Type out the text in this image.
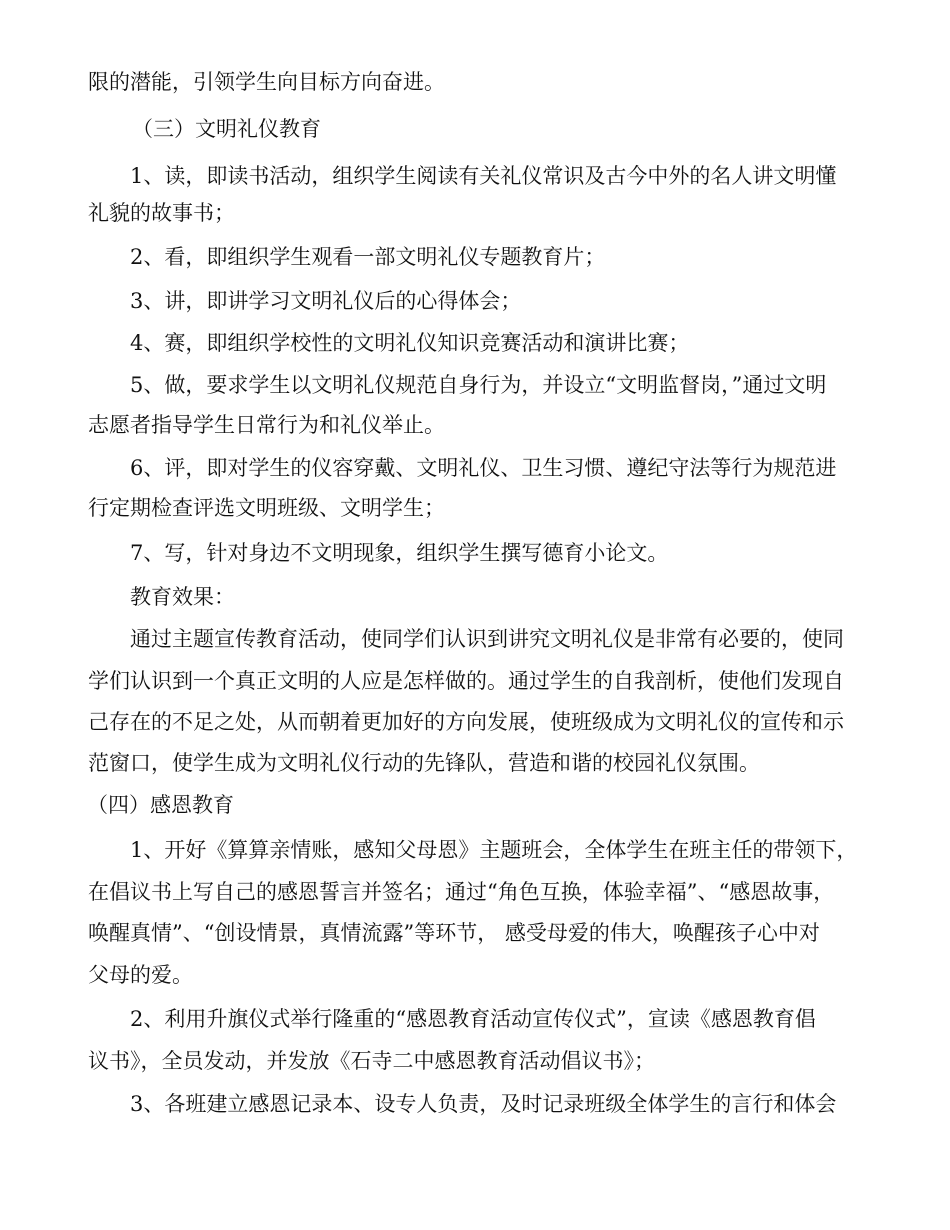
限的潜能，引领学生向目标方向奋进。
（三）文明礼仪教育
1、读，即读书活动，组织学生阅读有关礼仪常识及古今中外的名人讲文明懂
礼貌的故事书；
2、看，即组织学生观看一部文明礼仪专题教育片；
3、讲，即讲学习文明礼仪后的心得体会；
4、赛，即组织学校性的文明礼仪知识竞赛活动和演讲比赛；
5、做，要求学生以文明礼仪规范自身行为，并设立“文明监督岗，”通过文明
志愿者指导学生日常行为和礼仪举止。
6、评，即对学生的仪容穿戴、文明礼仪、卫生习惯、遵纪守法等行为规范进
行定期检查评选文明班级、文明学生；
7、写，针对身边不文明现象，组织学生撰写德育小论文。
教育效果：
通过主题宣传教育活动，使同学们认识到讲究文明礼仪是非常有必要的，使同
学们认识到一个真正文明的人应是怎样做的。通过学生的自我剖析，使他们发现自
己存在的不足之处，从而朝着更加好的方向发展，使班级成为文明礼仪的宣传和示
范窗口，使学生成为文明礼仪行动的先锋队，营造和谐的校园礼仪氛围。
（四）感恩教育
1、开好《算算亲情账，感知父母恩》主题班会，全体学生在班主任的带领下，
在倡议书上写自己的感恩誓言并签名；通过“角色互换，体验幸福”、“感恩故事，
唤醒真情”、“创设情景，真情流露”等环节， 感受母爱的伟大，唤醒孩子心中对
父母的爱。
2、利用升旗仪式举行隆重的“感恩教育活动宣传仪式”，宣读《感恩教育倡
议书》，全员发动，并发放《石寺二中感恩教育活动倡议书》；
3、各班建立感恩记录本、设专人负责，及时记录班级全体学生的言行和体会
